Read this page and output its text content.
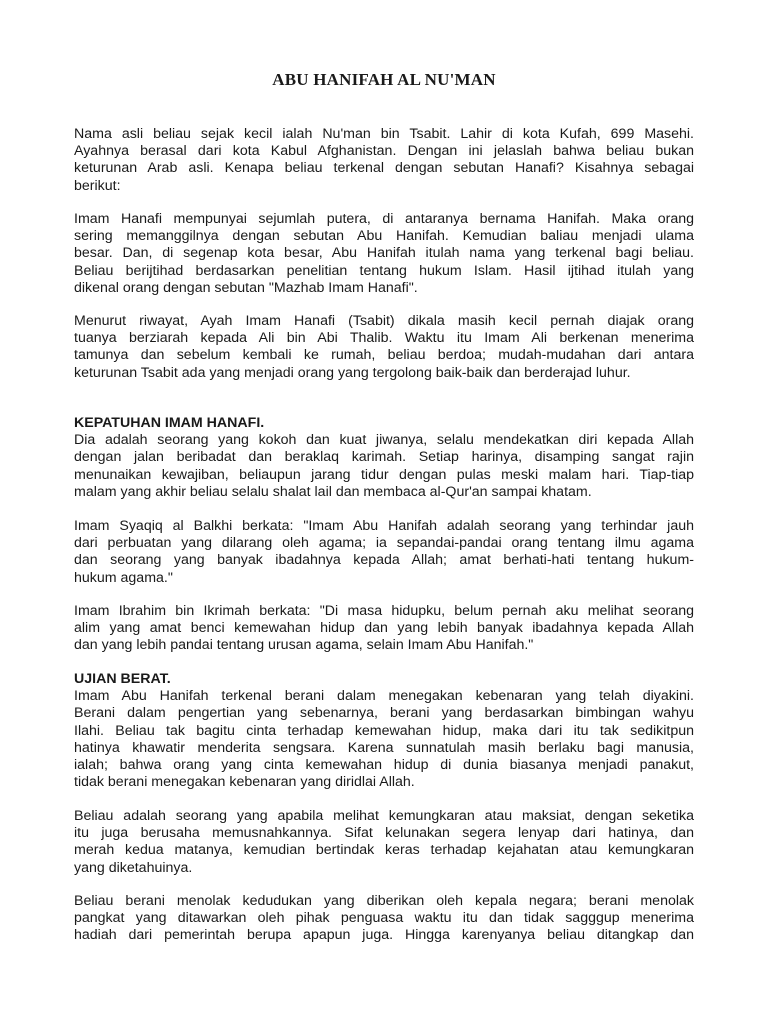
ABU HANIFAH AL NU'MAN
Nama asli beliau sejak kecil ialah Nu'man bin Tsabit. Lahir di kota Kufah, 699 Masehi.
Ayahnya berasal dari kota Kabul Afghanistan. Dengan ini jelaslah bahwa beliau bukan
keturunan Arab asli. Kenapa beliau terkenal dengan sebutan Hanafi? Kisahnya sebagai
berikut:
Imam Hanafi mempunyai sejumlah putera, di antaranya bernama Hanifah. Maka orang
sering memanggilnya dengan sebutan Abu Hanifah. Kemudian baliau menjadi ulama
besar. Dan, di segenap kota besar, Abu Hanifah itulah nama yang terkenal bagi beliau.
Beliau berijtihad berdasarkan penelitian tentang hukum Islam. Hasil ijtihad itulah yang
dikenal orang dengan sebutan "Mazhab Imam Hanafi".
Menurut riwayat, Ayah Imam Hanafi (Tsabit) dikala masih kecil pernah diajak orang
tuanya berziarah kepada Ali bin Abi Thalib. Waktu itu Imam Ali berkenan menerima
tamunya dan sebelum kembali ke rumah, beliau berdoa; mudah-mudahan dari antara
keturunan Tsabit ada yang menjadi orang yang tergolong baik-baik dan berderajad luhur.
KEPATUHAN IMAM HANAFI.
Dia adalah seorang yang kokoh dan kuat jiwanya, selalu mendekatkan diri kepada Allah
dengan jalan beribadat dan beraklaq karimah. Setiap harinya, disamping sangat rajin
menunaikan kewajiban, beliaupun jarang tidur dengan pulas meski malam hari. Tiap-tiap
malam yang akhir beliau selalu shalat lail dan membaca al-Qur'an sampai khatam.
Imam Syaqiq al Balkhi berkata: "Imam Abu Hanifah adalah seorang yang terhindar jauh
dari perbuatan yang dilarang oleh agama; ia sepandai-pandai orang tentang ilmu agama
dan seorang yang banyak ibadahnya kepada Allah; amat berhati-hati tentang hukum-
hukum agama."
Imam Ibrahim bin Ikrimah berkata: "Di masa hidupku, belum pernah aku melihat seorang
alim yang amat benci kemewahan hidup dan yang lebih banyak ibadahnya kepada Allah
dan yang lebih pandai tentang urusan agama, selain Imam Abu Hanifah."
UJIAN BERAT.
Imam Abu Hanifah terkenal berani dalam menegakan kebenaran yang telah diyakini.
Berani dalam pengertian yang sebenarnya, berani yang berdasarkan bimbingan wahyu
Ilahi. Beliau tak bagitu cinta terhadap kemewahan hidup, maka dari itu tak sedikitpun
hatinya khawatir menderita sengsara. Karena sunnatulah masih berlaku bagi manusia,
ialah; bahwa orang yang cinta kemewahan hidup di dunia biasanya menjadi panakut,
tidak berani menegakan kebenaran yang diridlai Allah.
Beliau adalah seorang yang apabila melihat kemungkaran atau maksiat, dengan seketika
itu juga berusaha memusnahkannya. Sifat kelunakan segera lenyap dari hatinya, dan
merah kedua matanya, kemudian bertindak keras terhadap kejahatan atau kemungkaran
yang diketahuinya.
Beliau berani menolak kedudukan yang diberikan oleh kepala negara; berani menolak
pangkat yang ditawarkan oleh pihak penguasa waktu itu dan tidak sagggup menerima
hadiah dari pemerintah berupa apapun juga. Hingga karenyanya beliau ditangkap dan
